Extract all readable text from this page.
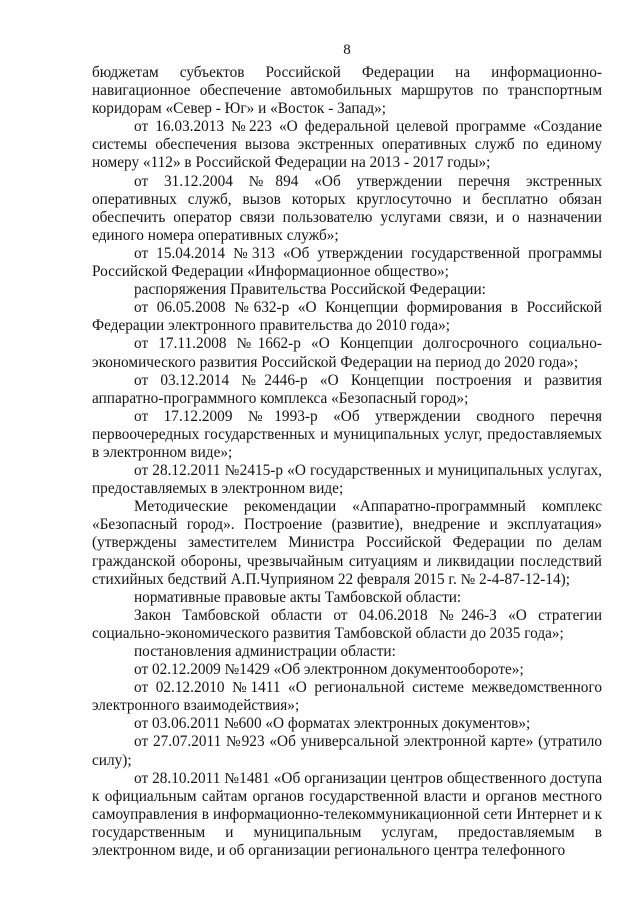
8

бюджетам субъектов Российской Федерации на информационно-навигационное обеспечение автомобильных маршрутов по транспортным коридорам «Север - Юг» и «Восток - Запад»;

от 16.03.2013 №223 «О федеральной целевой программе «Создание системы обеспечения вызова экстренных оперативных служб по единому номеру «112» в Российской Федерации на 2013 - 2017 годы»;

от 31.12.2004 №894 «Об утверждении перечня экстренных оперативных служб, вызов которых круглосуточно и бесплатно обязан обеспечить оператор связи пользователю услугами связи, и о назначении единого номера оперативных служб»;

от 15.04.2014 №313 «Об утверждении государственной программы Российской Федерации «Информационное общество»;

распоряжения Правительства Российской Федерации:

от 06.05.2008 №632-р «О Концепции формирования в Российской Федерации электронного правительства до 2010 года»;

от 17.11.2008 №1662-р «О Концепции долгосрочного социально-экономического развития Российской Федерации на период до 2020 года»;

от 03.12.2014 №2446-р «О Концепции построения и развития аппаратно-программного комплекса «Безопасный город»;

от 17.12.2009 №1993-р «Об утверждении сводного перечня первоочередных государственных и муниципальных услуг, предоставляемых в электронном виде»;

от 28.12.2011 №2415-р «О государственных и муниципальных услугах, предоставляемых в электронном виде;

Методические рекомендации «Аппаратно-программный комплекс «Безопасный город». Построение (развитие), внедрение и эксплуатация» (утверждены заместителем Министра Российской Федерации по делам гражданской обороны, чрезвычайным ситуациям и ликвидации последствий стихийных бедствий А.П.Чуприяном 22 февраля 2015 г. № 2-4-87-12-14);

нормативные правовые акты Тамбовской области:

Закон Тамбовской области от 04.06.2018 №246-З «О стратегии социально-экономического развития Тамбовской области до 2035 года»;

постановления администрации области:

от 02.12.2009 №1429 «Об электронном документообороте»;

от 02.12.2010 №1411 «О региональной системе межведомственного электронного взаимодействия»;

от 03.06.2011 №600 «О форматах электронных документов»;

от 27.07.2011 №923 «Об универсальной электронной карте» (утратило силу);

от 28.10.2011 №1481 «Об организации центров общественного доступа к официальным сайтам органов государственной власти и органов местного самоуправления в информационно-телекоммуникационной сети Интернет и к государственным и муниципальным услугам, предоставляемым в электронном виде, и об организации регионального центра телефонного
